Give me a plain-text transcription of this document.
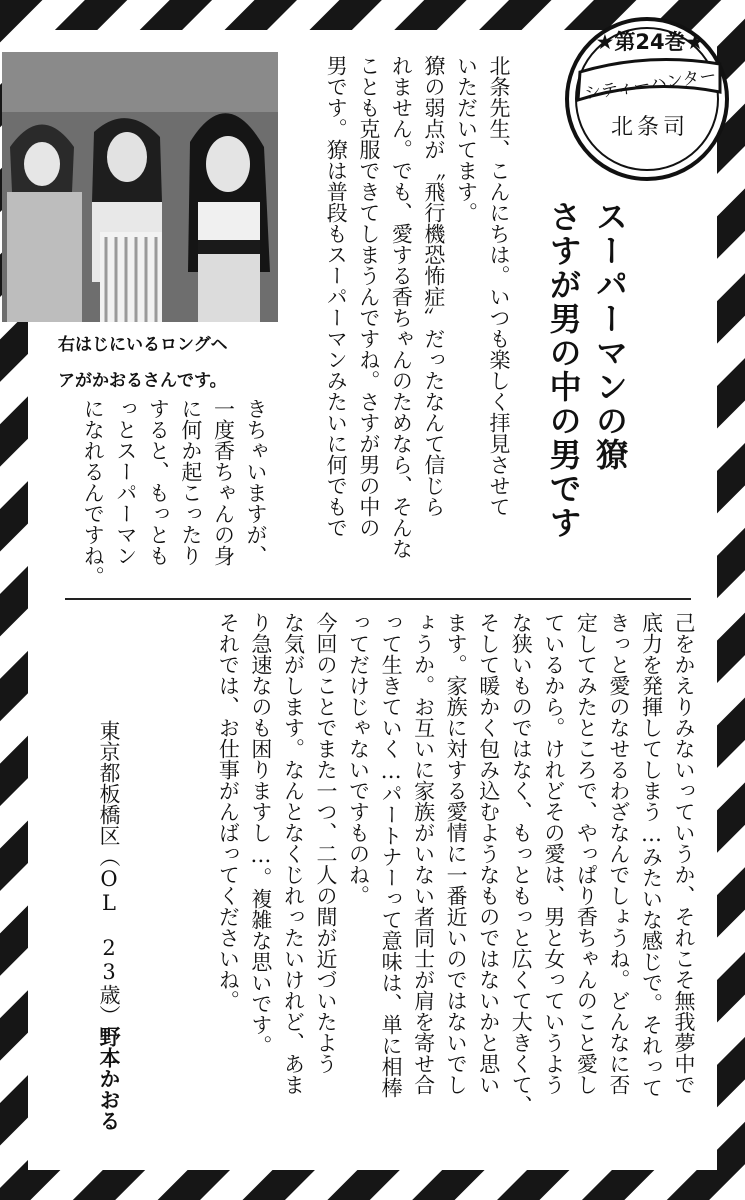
★第24巻★
シティーハンター
北条司
スーパーマンの獠
さすが男の中の男です
北条先生、こんにちは。いつも楽しく拝見させて
いただいてます。
獠の弱点が〝飛行機恐怖症〟だったなんて信じら
れません。でも、愛する香ちゃんのためなら、そんな
ことも克服できてしまうんですね。さすが男の中の
男です。獠は普段もスーパーマンみたいに何でもで
右はじにいるロングヘ
アがかおるさんです。
きちゃいますが、
一度香ちゃんの身
に何か起こったり
すると、もっとも
っとスーパーマン
になれるんですね。
己をかえりみないっていうか、それこそ無我夢中で
底力を発揮してしまう…みたいな感じで。それって
きっと愛のなせるわざなんでしょうね。どんなに否
定してみたところで、やっぱり香ちゃんのこと愛し
ているから。けれどその愛は、男と女っていうよう
な狭いものではなく、もっともっと広くて大きくて、
そして暖かく包み込むようなものではないかと思い
ます。家族に対する愛情に一番近いのではないでし
ょうか。お互いに家族がいない者同士が肩を寄せ合
って生きていく…パートナーって意味は、単に相棒
ってだけじゃないですものね。
今回のことでまた一つ、二人の間が近づいたよう
な気がします。なんとなくじれったいけれど、あま
り急速なのも困りますし…。複雑な思いです。
それでは、お仕事がんばってくださいね。
東京都板橋区（OL　23歳）野本かおる
